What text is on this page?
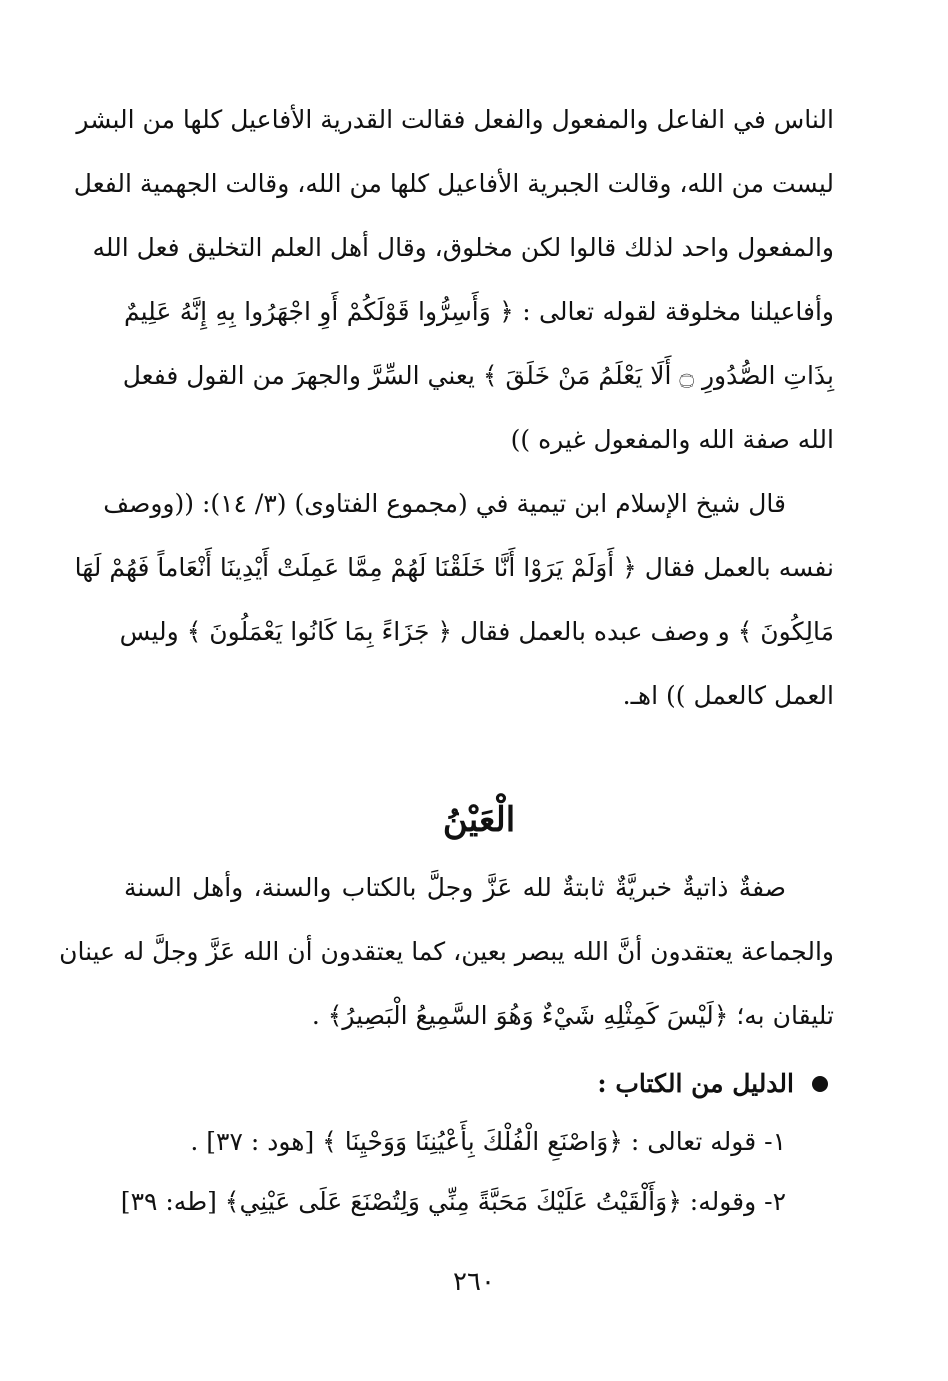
الناس في الفاعل والمفعول والفعل فقالت القدرية الأفاعيل كلها من البشر
ليست من الله، وقالت الجبرية الأفاعيل كلها من الله، وقالت الجهمية الفعل
والمفعول واحد لذلك قالوا لكن مخلوق، وقال أهل العلم التخليق فعل الله
وأفاعيلنا مخلوقة لقوله تعالى : ﴿ وَأَسِرُّوا قَوْلَكُمْ أَوِ اجْهَرُوا بِهِ إِنَّهُ عَلِيمٌ
بِذَاتِ الصُّدُورِ ۝ أَلَا يَعْلَمُ مَنْ خَلَقَ ﴾ يعني السِّرَّ والجهرَ من القول ففعل
الله صفة الله والمفعول غيره ))
قال شيخ الإسلام ابن تيمية في (مجموع الفتاوى) (٣/ ١٤): ((ووصف
نفسه بالعمل فقال ﴿ أَوَلَمْ يَرَوْا أَنَّا خَلَقْنَا لَهُمْ مِمَّا عَمِلَتْ أَيْدِينَا أَنْعَاماً فَهُمْ لَهَا
مَالِكُونَ ﴾ و وصف عبده بالعمل فقال ﴿ جَزَاءً بِمَا كَانُوا يَعْمَلُونَ ﴾ وليس
العمل كالعمل )) اهـ.
الْعَيْنُ
صفةٌ ذاتيةٌ خبريَّةٌ ثابتةٌ لله عَزَّ وجلَّ بالكتاب والسنة، وأهل السنة
والجماعة يعتقدون أنَّ الله يبصر بعين، كما يعتقدون أن الله عَزَّ وجلَّ له عينان
تليقان به؛ ﴿لَيْسَ كَمِثْلِهِ شَيْءٌ وَهُوَ السَّمِيعُ الْبَصِيرُ﴾ .
الدليل من الكتاب :
١- قوله تعالى : ﴿وَاصْنَعِ الْفُلْكَ بِأَعْيُنِنَا وَوَحْيِنَا ﴾ [هود : ٣٧] .
٢- وقوله: ﴿وَأَلْقَيْتُ عَلَيْكَ مَحَبَّةً مِنِّي وَلِتُصْنَعَ عَلَى عَيْنِي﴾ [طه: ٣٩]
٢٦٠
